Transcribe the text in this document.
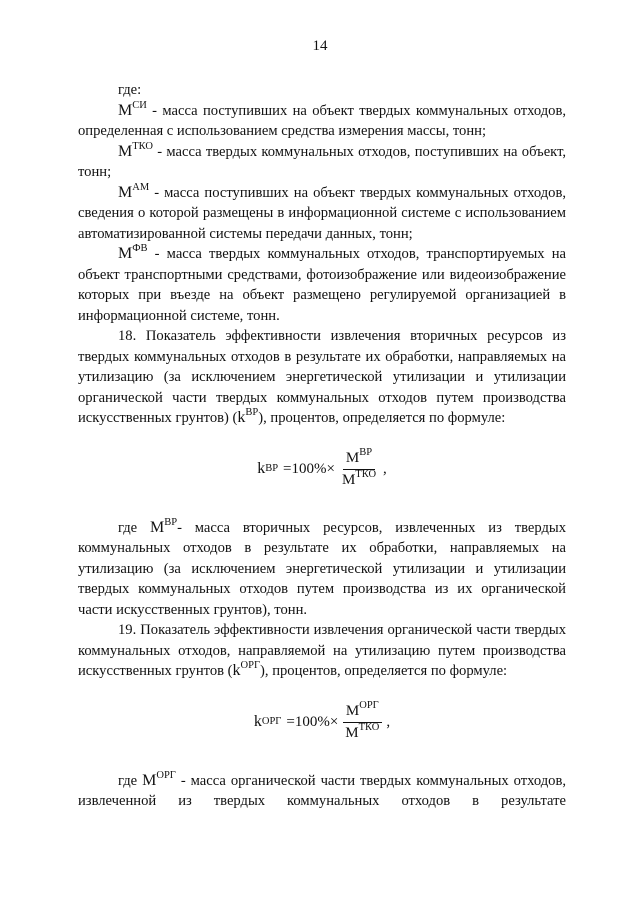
14

где:

$M^{СИ}$ - масса поступивших на объект твердых коммунальных отходов, определенная с использованием средства измерения массы, тонн;

$M^{ТКО}$ - масса твердых коммунальных отходов, поступивших на объект, тонн;

$M^{АМ}$ - масса поступивших на объект твердых коммунальных отходов, сведения о которой размещены в информационной системе с использованием автоматизированной системы передачи данных, тонн;

$M^{ФВ}$ - масса твердых коммунальных отходов, транспортируемых на объект транспортными средствами, фотоизображение или видеоизображение которых при въезде на объект размещено регулируемой организацией в информационной системе, тонн.

18. Показатель эффективности извлечения вторичных ресурсов из твердых коммунальных отходов в результате их обработки, направляемых на утилизацию (за исключением энергетической утилизации и утилизации органической части твердых коммунальных отходов путем производства искусственных грунтов) $(k^{ВР})$, процентов, определяется по формуле:

k ВР $=100\%\times \frac{M^{ВР}}{M^{ТКО}}$ ,

где $M^{ВР}-$ масса вторичных ресурсов, извлеченных из твердых коммунальных отходов в результате их обработки, направляемых на утилизацию (за исключением энергетической утилизации и утилизации твердых коммунальных отходов путем производства из их органической части искусственных грунтов), тонн.

19. Показатель эффективности извлечения органической части твердых коммунальных отходов, направляемой на утилизацию путем производства искусственных грунтов $(k^{ОРГ})$, процентов, определяется по формуле:

k ОРГ $=100\%\times \frac{M^{ОРГ}}{M^{ТКО}}$ ,

где $M^{ОРГ}$ - масса органической части твердых коммунальных отходов, извлеченной из твердых коммунальных отходов в результате
